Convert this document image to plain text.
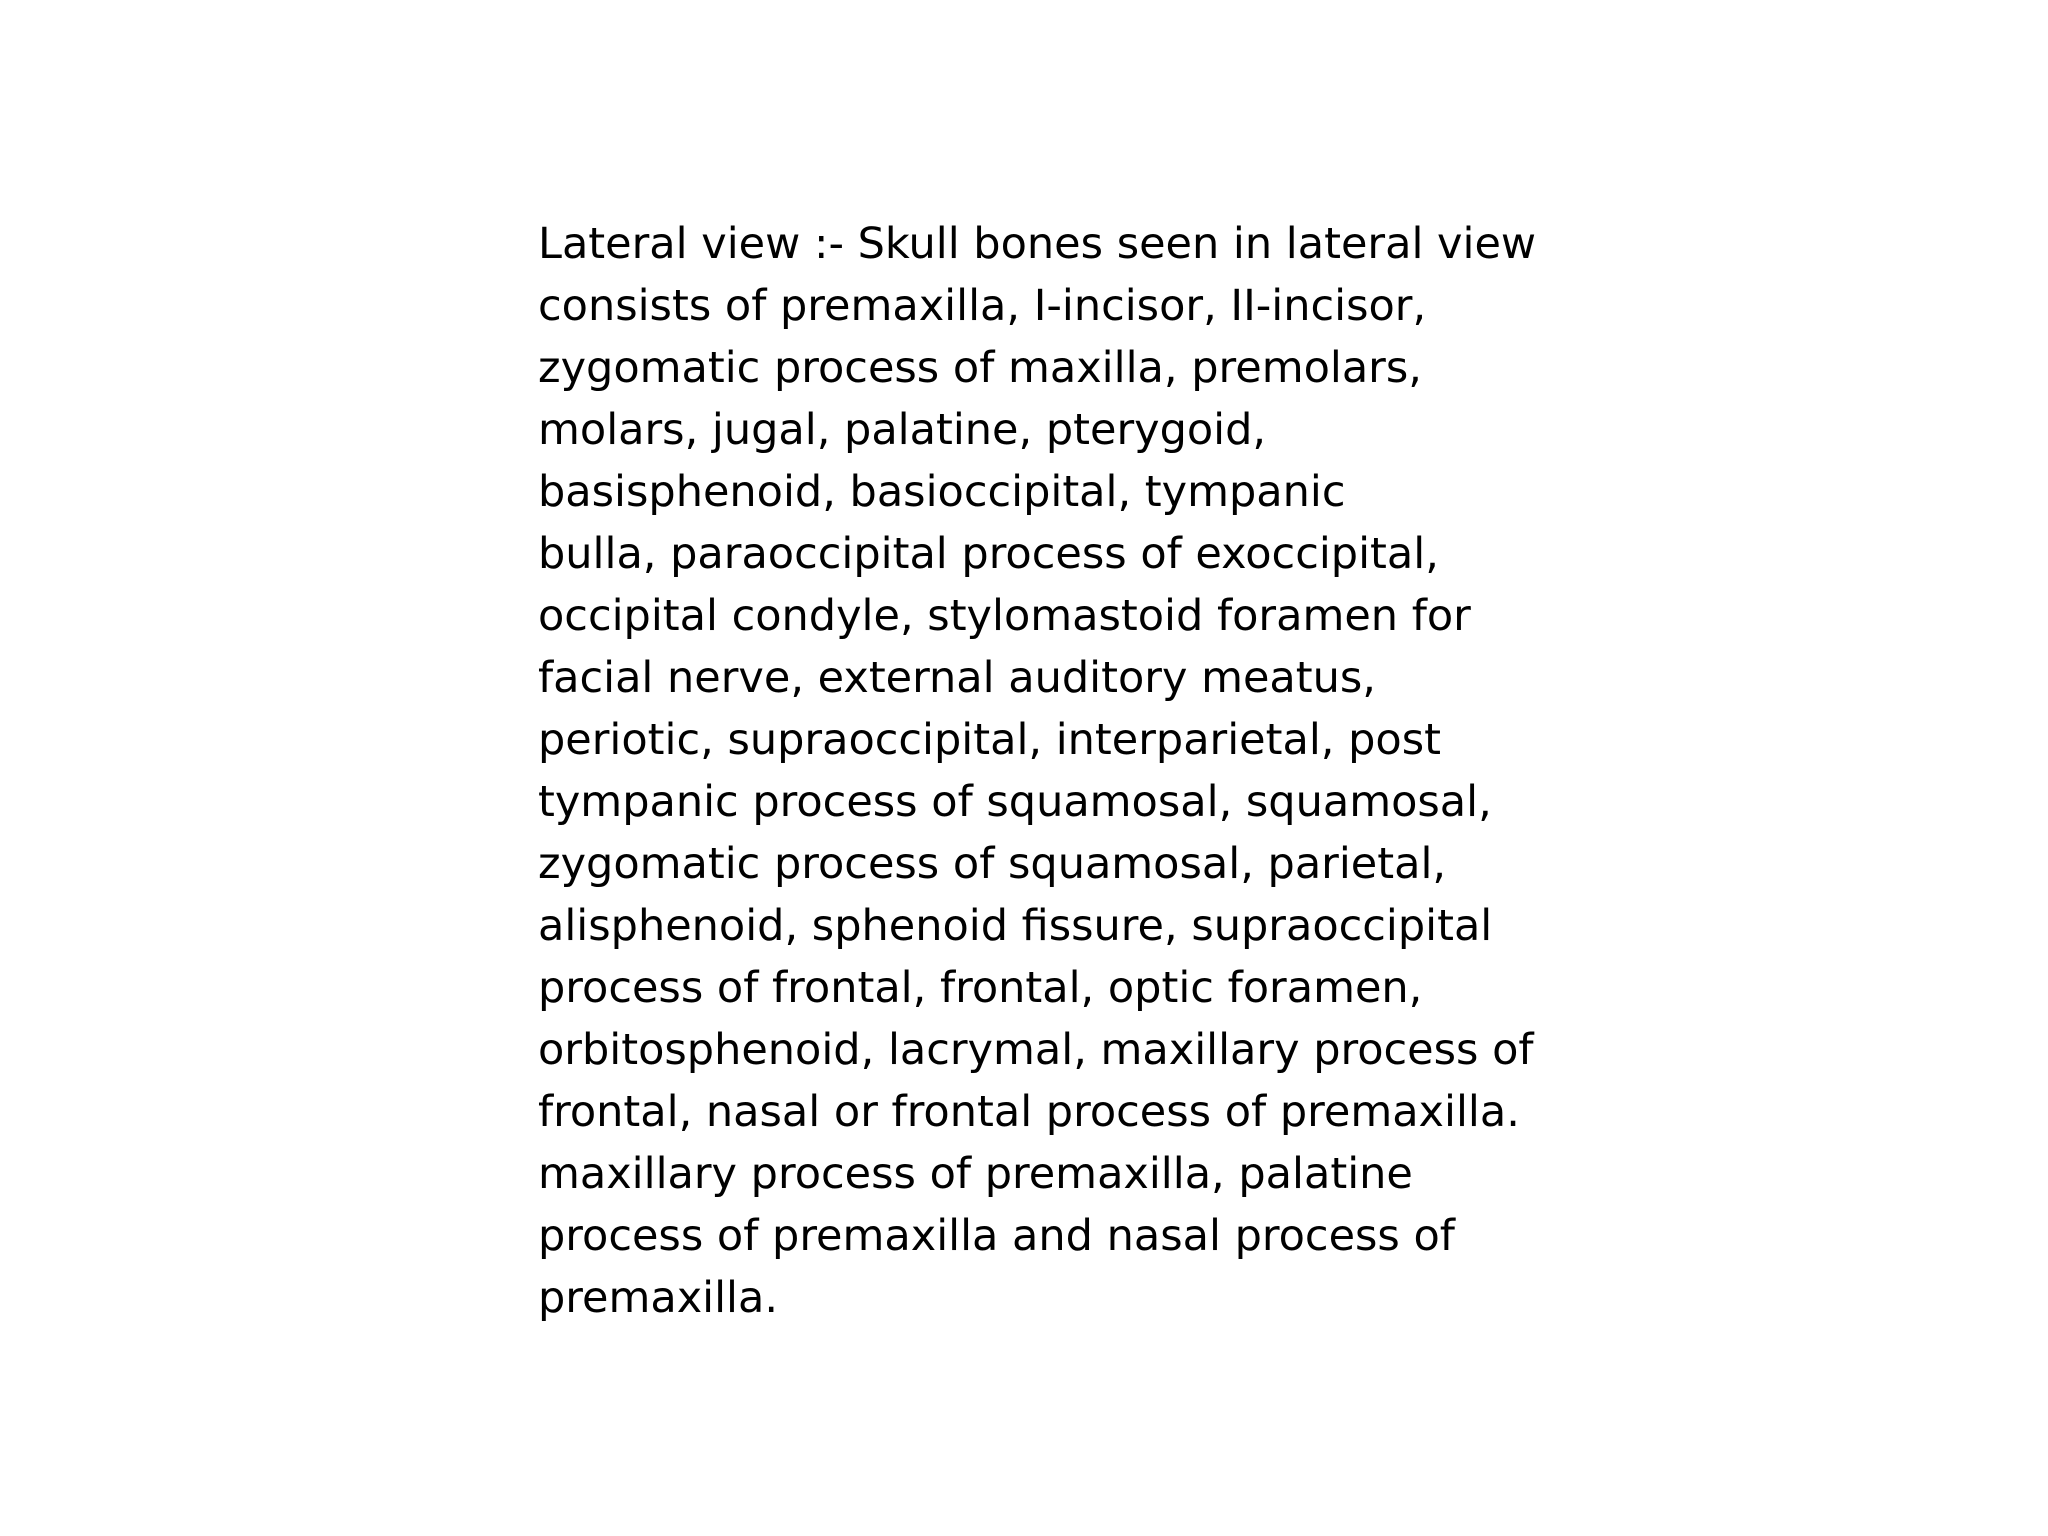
Lateral view :- Skull bones seen in lateral view
consists of premaxilla, I-incisor, II-incisor,
zygomatic process of maxilla, premolars,
molars, jugal, palatine, pterygoid,
basisphenoid, basioccipital, tympanic
bulla, paraoccipital process of exoccipital,
occipital condyle, stylomastoid foramen for
facial nerve, external auditory meatus,
periotic, supraoccipital, interparietal, post
tympanic process of squamosal, squamosal,
zygomatic process of squamosal, parietal,
alisphenoid, sphenoid fissure, supraoccipital
process of frontal, frontal, optic foramen,
orbitosphenoid, lacrymal, maxillary process of
frontal, nasal or frontal process of premaxilla.
maxillary process of premaxilla, palatine
process of premaxilla and nasal process of
premaxilla.
